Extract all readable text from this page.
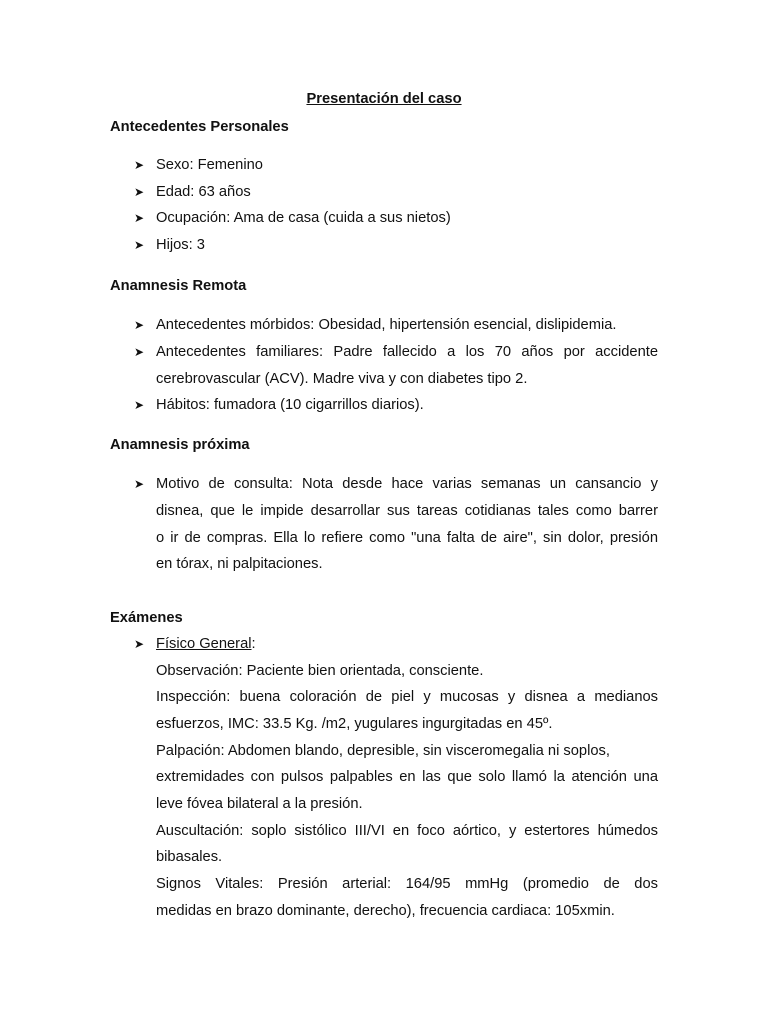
Presentación del caso
Antecedentes Personales
➤ Sexo: Femenino
➤ Edad: 63 años
➤ Ocupación: Ama de casa (cuida a sus nietos)
➤ Hijos: 3
Anamnesis Remota
➤ Antecedentes mórbidos: Obesidad, hipertensión esencial, dislipidemia.
➤ Antecedentes familiares: Padre fallecido a los 70 años por accidente
cerebrovascular (ACV). Madre viva y con diabetes tipo 2.
➤ Hábitos: fumadora (10 cigarrillos diarios).
Anamnesis próxima
➤ Motivo de consulta: Nota desde hace varias semanas un cansancio y
disnea, que le impide desarrollar sus tareas cotidianas tales como barrer
o ir de compras. Ella lo refiere como "una falta de aire", sin dolor, presión
en tórax, ni palpitaciones.
Exámenes
➤ Físico General:
Observación: Paciente bien orientada, consciente.
Inspección: buena coloración de piel y mucosas y disnea a medianos
esfuerzos, IMC: 33.5 Kg. /m2, yugulares ingurgitadas en 45º.
Palpación: Abdomen blando, depresible, sin visceromegalia ni soplos,
extremidades con pulsos palpables en las que solo llamó la atención una
leve fóvea bilateral a la presión.
Auscultación: soplo sistólico III/VI en foco aórtico, y estertores húmedos
bibasales.
Signos Vitales: Presión arterial: 164/95 mmHg (promedio de dos
medidas en brazo dominante, derecho), frecuencia cardiaca: 105xmin.
